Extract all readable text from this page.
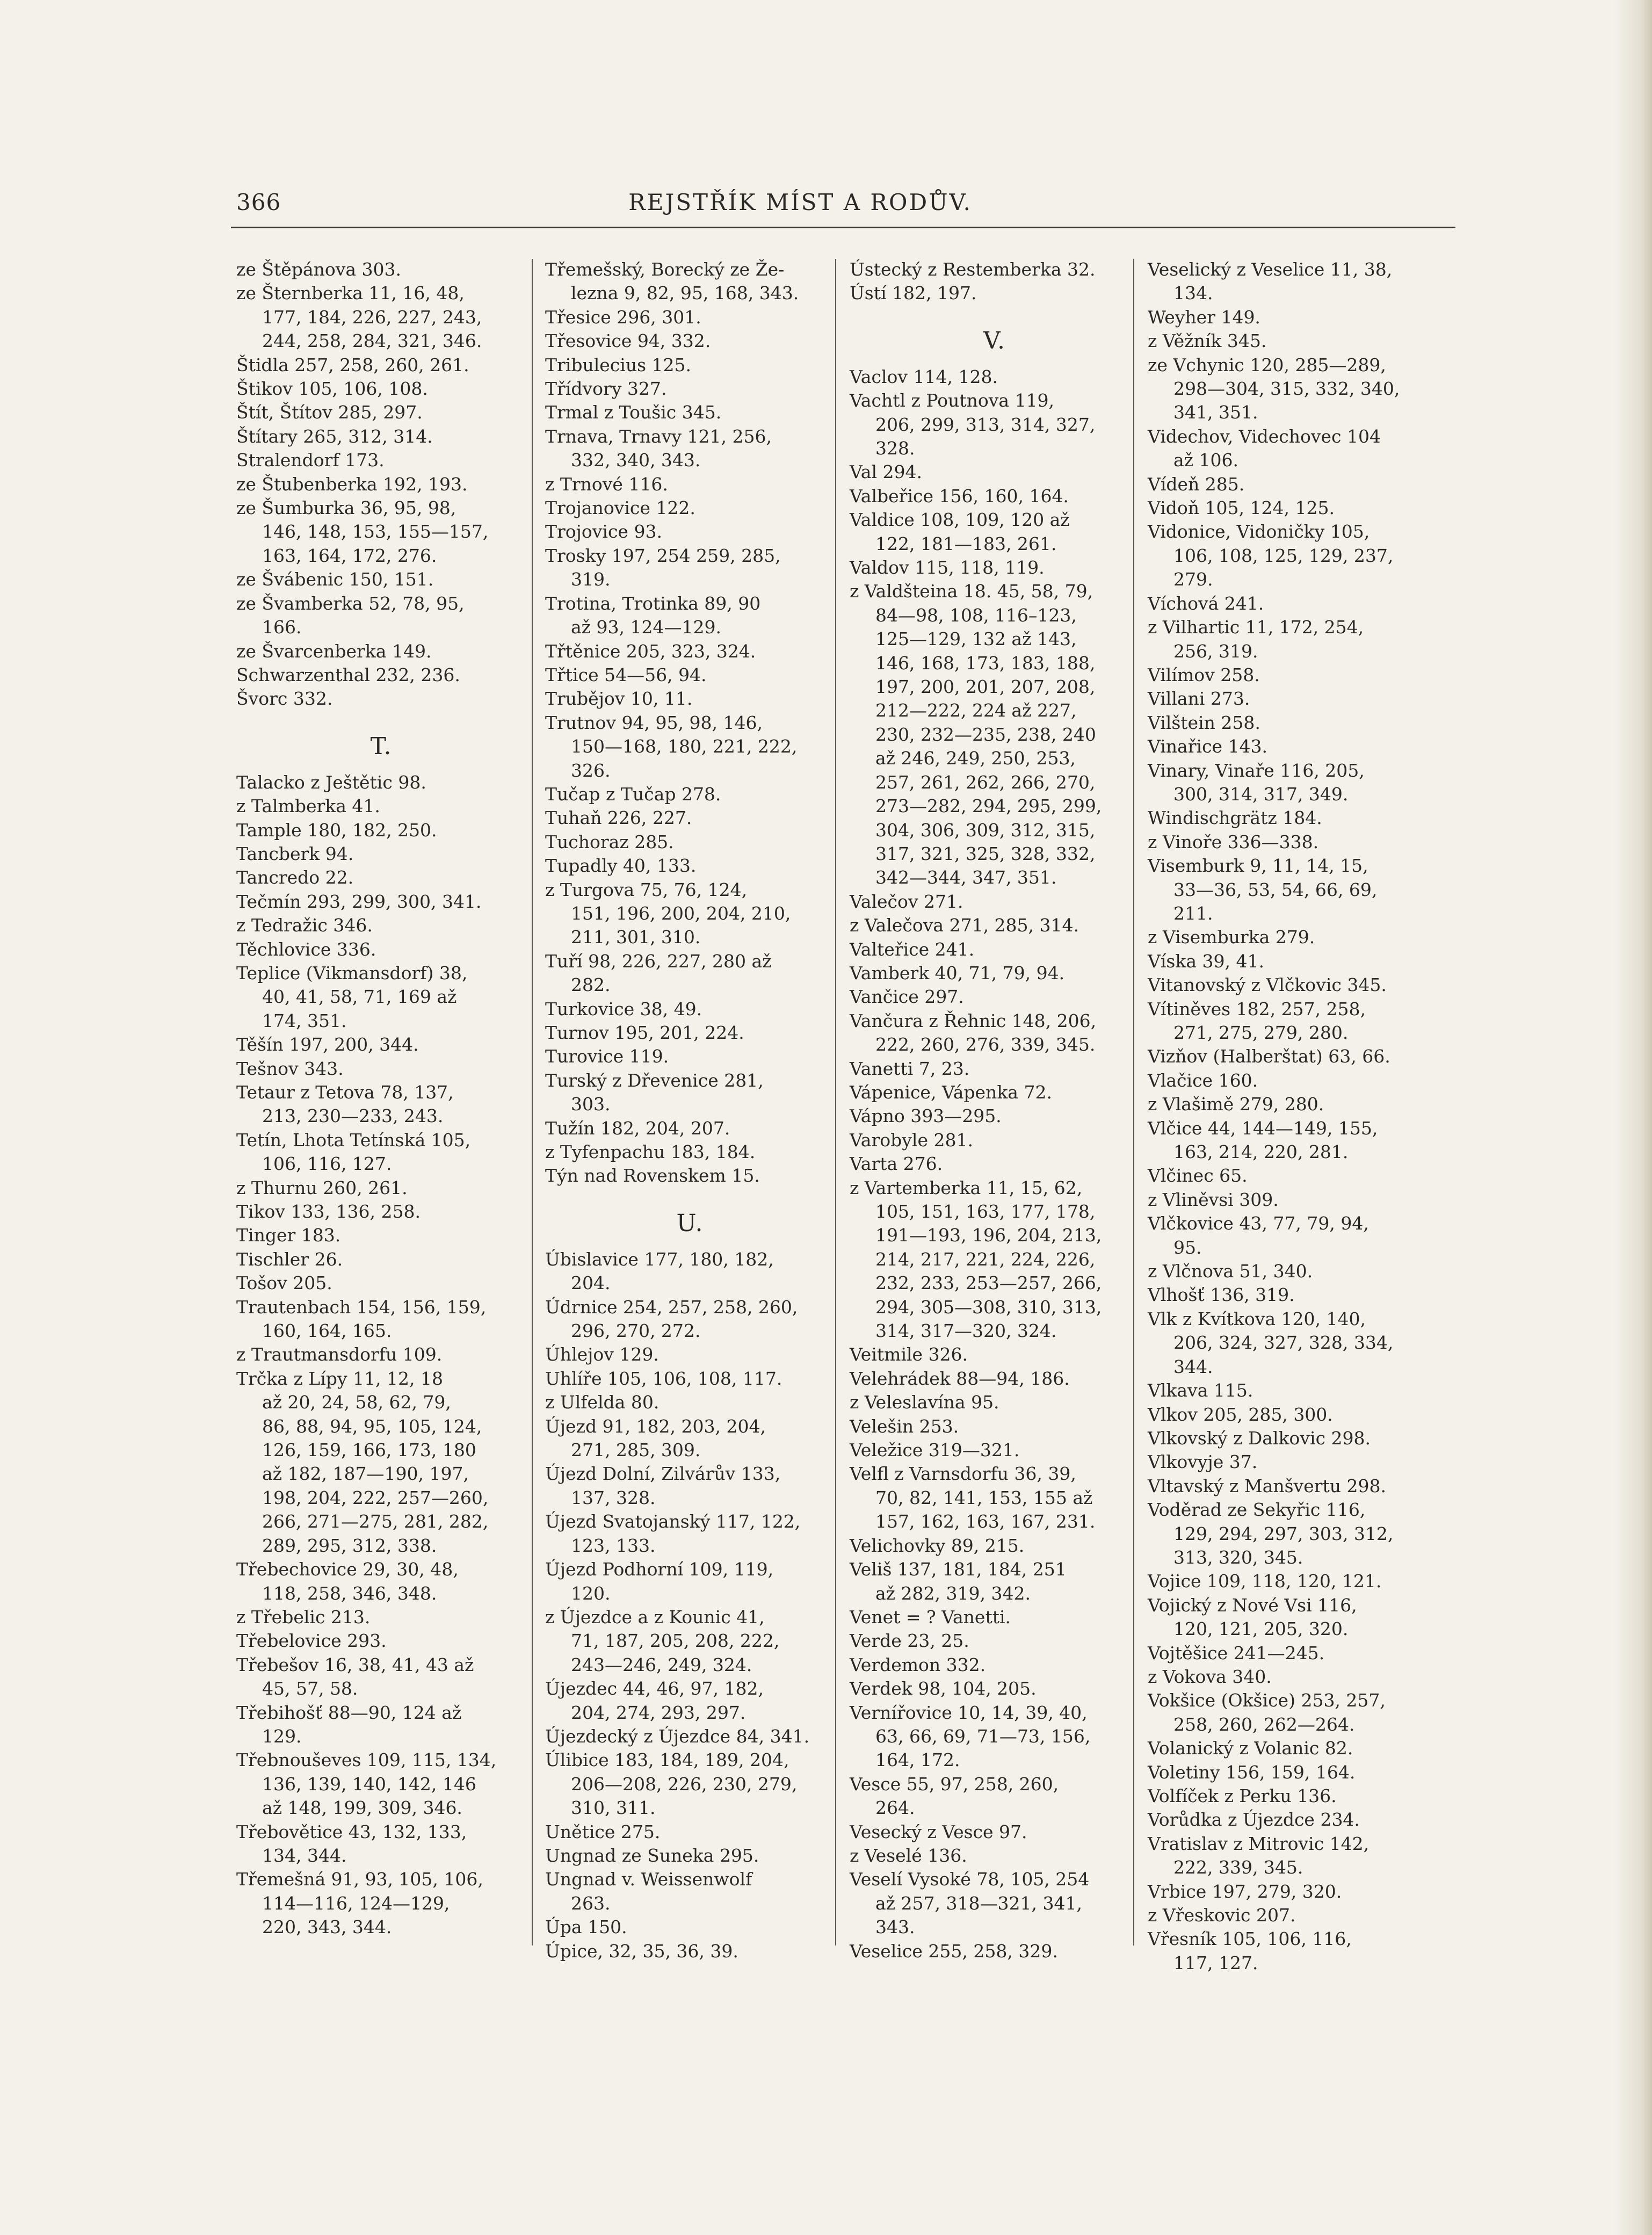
366	REJSTŘÍK MÍST A RODŮV.

ze Štěpánova 303.

ze Šternberka 11, 16, 48,
177, 184, 226, 227, 243,
244, 258, 284, 321, 346.

Štidla 257, 258, 260, 261.

Štikov 105, 106, 108.

Štít, Štítov 285, 297.

Štítary 265, 312, 314.

Stralendorf 173.

ze Štubenberka 192, 193.

ze Šumburka 36, 95, 98,
146, 148, 153, 155—157,
163, 164, 172, 276.

ze Švábenic 150, 151.

ze Švamberka 52, 78, 95,
166.

ze Švarcenberka 149.

Schwarzenthal 232, 236.

Švorc 332.

T.

Talacko z Ještětic 98.

z Talmberka 41.

Tample 180, 182, 250.

Tancberk 94.

Tancredo 22.

Tečmín 293, 299, 300, 341.

z Tedražic 346.

Těchlovice 336.

Teplice (Vikmansdorf) 38,
40, 41, 58, 71, 169 až
174, 351.

Těšín 197, 200, 344.

Tešnov 343.

Tetaur z Tetova 78, 137,
213, 230—233, 243.

Tetín, Lhota Tetínská 105,
106, 116, 127.

z Thurnu 260, 261.

Tikov 133, 136, 258.

Tinger 183.

Tischler 26.

Tošov 205.

Trautenbach 154, 156, 159,
160, 164, 165.

z Trautmansdorfu 109.

Trčka z Lípy 11, 12, 18
až 20, 24, 58, 62, 79,
86, 88, 94, 95, 105, 124,
126, 159, 166, 173, 180
až 182, 187—190, 197,
198, 204, 222, 257—260,
266, 271—275, 281, 282,
289, 295, 312, 338.

Třebechovice 29, 30, 48,
118, 258, 346, 348.

z Třebelic 213.

Třebelovice 293.

Třebešov 16, 38, 41, 43 až
45, 57, 58.

Třebihošť 88—90, 124 až
129.

Třebnouševes 109, 115, 134,
136, 139, 140, 142, 146
až 148, 199, 309, 346.

Třebovětice 43, 132, 133,
134, 344.

Třemešná 91, 93, 105, 106,
114—116, 124—129,
220, 343, 344.

Třemešský, Borecký ze Že-
lezna 9, 82, 95, 168, 343.

Třesice 296, 301.

Třesovice 94, 332.

Tribulecius 125.

Třídvory 327.

Trmal z Toušic 345.

Trnava, Trnavy 121, 256,
332, 340, 343.

z Trnové 116.

Trojanovice 122.

Trojovice 93.

Trosky 197, 254 259, 285,
319.

Trotina, Trotinka 89, 90
až 93, 124—129.

Třtěnice 205, 323, 324.

Třtice 54—56, 94.

Trubějov 10, 11.

Trutnov 94, 95, 98, 146,
150—168, 180, 221, 222,
326.

Tučap z Tučap 278.

Tuhaň 226, 227.

Tuchoraz 285.

Tupadly 40, 133.

z Turgova 75, 76, 124,
151, 196, 200, 204, 210,
211, 301, 310.

Tuří 98, 226, 227, 280 až
282.

Turkovice 38, 49.

Turnov 195, 201, 224.

Turovice 119.

Turský z Dřevenice 281,
303.

Tužín 182, 204, 207.

z Tyfenpachu 183, 184.

Týn nad Rovenskem 15.

U.

Úbislavice 177, 180, 182,
204.

Údrnice 254, 257, 258, 260,
296, 270, 272.

Úhlejov 129.

Uhlíře 105, 106, 108, 117.

z Ulfelda 80.

Újezd 91, 182, 203, 204,
271, 285, 309.

Újezd Dolní, Zilvárův 133,
137, 328.

Újezd Svatojanský 117, 122,
123, 133.

Újezd Podhorní 109, 119,
120.

z Újezdce a z Kounic 41,
71, 187, 205, 208, 222,
243—246, 249, 324.

Újezdec 44, 46, 97, 182,
204, 274, 293, 297.

Újezdecký z Újezdce 84, 341.

Úlibice 183, 184, 189, 204,
206—208, 226, 230, 279,
310, 311.

Unětice 275.

Ungnad ze Suneka 295.

Ungnad v. Weissenwolf
263.

Úpa 150.

Úpice, 32, 35, 36, 39.

Ústecký z Restemberka 32.

Ústí 182, 197.

V.

Vaclov 114, 128.

Vachtl z Poutnova 119,
206, 299, 313, 314, 327,
328.

Val 294.

Valbeřice 156, 160, 164.

Valdice 108, 109, 120 až
122, 181—183, 261.

Valdov 115, 118, 119.

z Valdšteina 18. 45, 58, 79,
84—98, 108, 116–123,
125—129, 132 až 143,
146, 168, 173, 183, 188,
197, 200, 201, 207, 208,
212—222, 224 až 227,
230, 232—235, 238, 240
až 246, 249, 250, 253,
257, 261, 262, 266, 270,
273—282, 294, 295, 299,
304, 306, 309, 312, 315,
317, 321, 325, 328, 332,
342—344, 347, 351.

Valečov 271.

z Valečova 271, 285, 314.

Valteřice 241.

Vamberk 40, 71, 79, 94.

Vančice 297.

Vančura z Řehnic 148, 206,
222, 260, 276, 339, 345.

Vanetti 7, 23.

Vápenice, Vápenka 72.

Vápno 393—295.

Varobyle 281.

Varta 276.

z Vartemberka 11, 15, 62,
105, 151, 163, 177, 178,
191—193, 196, 204, 213,
214, 217, 221, 224, 226,
232, 233, 253—257, 266,
294, 305—308, 310, 313,
314, 317—320, 324.

Veitmile 326.

Velehrádek 88—94, 186.

z Veleslavína 95.

Velešin 253.

Veležice 319—321.

Velfl z Varnsdorfu 36, 39,
70, 82, 141, 153, 155 až
157, 162, 163, 167, 231.

Velichovky 89, 215.

Veliš 137, 181, 184, 251
až 282, 319, 342.

Venet = ? Vanetti.

Verde 23, 25.

Verdemon 332.

Verdek 98, 104, 205.

Vernířovice 10, 14, 39, 40,
63, 66, 69, 71—73, 156,
164, 172.

Vesce 55, 97, 258, 260,
264.

Vesecký z Vesce 97.

z Veselé 136.

Veselí Vysoké 78, 105, 254
až 257, 318—321, 341,
343.

Veselice 255, 258, 329.

Veselický z Veselice 11, 38,
134.

Weyher 149.

z Věžník 345.

ze Vchynic 120, 285—289,
298—304, 315, 332, 340,
341, 351.

Videchov, Videchovec 104
až 106.

Vídeň 285.

Vidoň 105, 124, 125.

Vidonice, Vidoničky 105,
106, 108, 125, 129, 237,
279.

Víchová 241.

z Vilhartic 11, 172, 254,
256, 319.

Vilímov 258.

Villani 273.

Vilštein 258.

Vinařice 143.

Vinary, Vinaře 116, 205,
300, 314, 317, 349.

Windischgrätz 184.

z Vinoře 336—338.

Visemburk 9, 11, 14, 15,
33—36, 53, 54, 66, 69,
211.

z Visemburka 279.

Víska 39, 41.

Vitanovský z Vlčkovic 345.

Vítiněves 182, 257, 258,
271, 275, 279, 280.

Vizňov (Halberštat) 63, 66.

Vlačice 160.

z Vlašimě 279, 280.

Vlčice 44, 144—149, 155,
163, 214, 220, 281.

Vlčinec 65.

z Vliněvsi 309.

Vlčkovice 43, 77, 79, 94,
95.

z Vlčnova 51, 340.

Vlhošť 136, 319.

Vlk z Kvítkova 120, 140,
206, 324, 327, 328, 334,
344.

Vlkava 115.

Vlkov 205, 285, 300.

Vlkovský z Dalkovic 298.

Vlkovyje 37.

Vltavský z Manšvertu 298.

Voděrad ze Sekyřic 116,
129, 294, 297, 303, 312,
313, 320, 345.

Vojice 109, 118, 120, 121.

Vojický z Nové Vsi 116,
120, 121, 205, 320.

Vojtěšice 241—245.

z Vokova 340.

Vokšice (Okšice) 253, 257,
258, 260, 262—264.

Volanický z Volanic 82.

Voletiny 156, 159, 164.

Volfíček z Perku 136.

Vorůdka z Újezdce 234.

Vratislav z Mitrovic 142,
222, 339, 345.

Vrbice 197, 279, 320.

z Vřeskovic 207.

Vřesník 105, 106, 116,
117, 127.
